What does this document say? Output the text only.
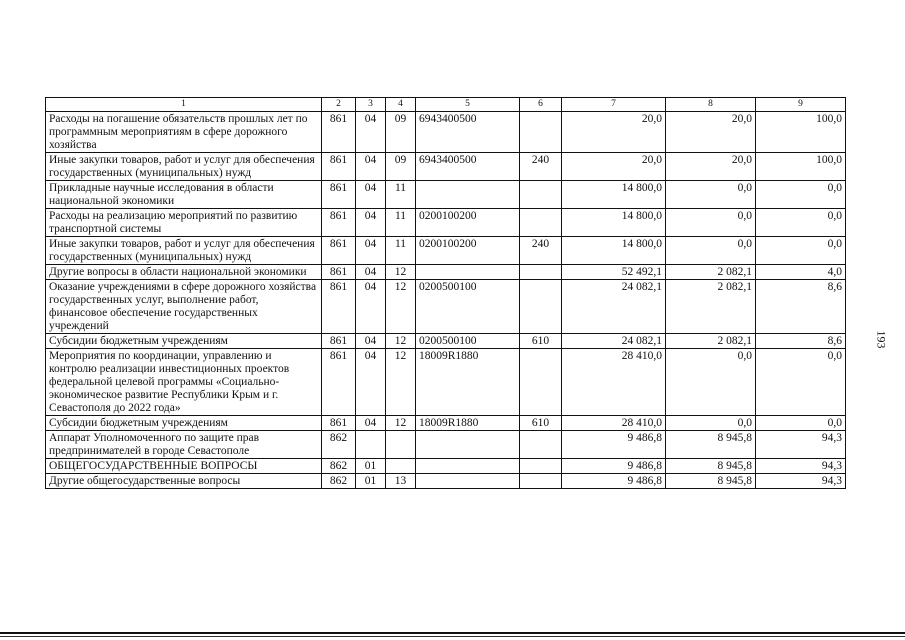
193
1	2	3	4	5	6	7	8	9
Расходы на погашение обязательств прошлых лет по программным мероприятиям в сфере дорожного хозяйства	861	04	09	6943400500		20,0	20,0	100,0
Иные закупки товаров, работ и услуг для обеспечения государственных (муниципальных) нужд	861	04	09	6943400500	240	20,0	20,0	100,0
Прикладные научные исследования в области национальной экономики	861	04	11			14 800,0	0,0	0,0
Расходы на реализацию мероприятий по развитию транспортной системы	861	04	11	0200100200		14 800,0	0,0	0,0
Иные закупки товаров, работ и услуг для обеспечения государственных (муниципальных) нужд	861	04	11	0200100200	240	14 800,0	0,0	0,0
Другие вопросы в области национальной экономики	861	04	12			52 492,1	2 082,1	4,0
Оказание учреждениями в сфере дорожного хозяйства государственных услуг, выполнение работ, финансовое обеспечение государственных учреждений	861	04	12	0200500100		24 082,1	2 082,1	8,6
Субсидии бюджетным учреждениям	861	04	12	0200500100	610	24 082,1	2 082,1	8,6
Мероприятия по координации, управлению и контролю реализации инвестиционных проектов федеральной целевой программы «Социально-экономическое развитие Республики Крым и г. Севастополя до 2022 года»	861	04	12	18009R1880		28 410,0	0,0	0,0
Субсидии бюджетным учреждениям	861	04	12	18009R1880	610	28 410,0	0,0	0,0
Аппарат Уполномоченного по защите прав предпринимателей в городе Севастополе	862					9 486,8	8 945,8	94,3
ОБЩЕГОСУДАРСТВЕННЫЕ ВОПРОСЫ	862	01				9 486,8	8 945,8	94,3
Другие общегосударственные вопросы	862	01	13			9 486,8	8 945,8	94,3
